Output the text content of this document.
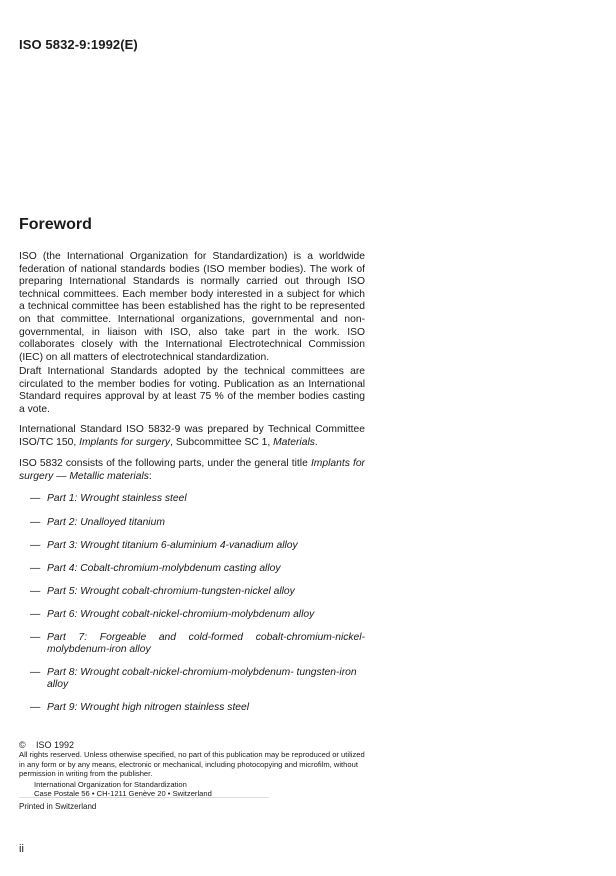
ISO 5832-9:1992(E)
Foreword

ISO (the International Organization for Standardization) is a worldwide federation of national standards bodies (ISO member bodies). The work of preparing International Standards is normally carried out through ISO technical committees. Each member body interested in a subject for which a technical committee has been established has the right to be represented on that committee. International organizations, governmental and non-governmental, in liaison with ISO, also take part in the work. ISO collaborates closely with the International Electrotechnical Commission (IEC) on all matters of electrotechnical standardization.

Draft International Standards adopted by the technical committees are circulated to the member bodies for voting. Publication as an International Standard requires approval by at least 75 % of the member bodies casting a vote.

International Standard ISO 5832-9 was prepared by Technical Committee ISO/TC 150, Implants for surgery, Subcommittee SC 1, Materials.

ISO 5832 consists of the following parts, under the general title Implants for surgery — Metallic materials:

— Part 1: Wrought stainless steel
— Part 2: Unalloyed titanium
— Part 3: Wrought titanium 6-aluminium 4-vanadium alloy
— Part 4: Cobalt-chromium-molybdenum casting alloy
— Part 5: Wrought cobalt-chromium-tungsten-nickel alloy
— Part 6: Wrought cobalt-nickel-chromium-molybdenum alloy
— Part 7: Forgeable and cold-formed cobalt-chromium-nickel-
molybdenum-iron alloy
— Part 8: Wrought cobalt-nickel-chromium-molybdenum- tungsten-iron
alloy
— Part 9: Wrought high nitrogen stainless steel
© ISO 1992

All rights reserved. Unless otherwise specified, no part of this publication may be reproduced or utilized in any form or by any means, electronic or mechanical, including photocopying and microfilm, without permission in writing from the publisher.

International Organization for Standardization
Case Postale 56 • CH-1211 Genève 20 • Switzerland
Printed in Switzerland
ii
